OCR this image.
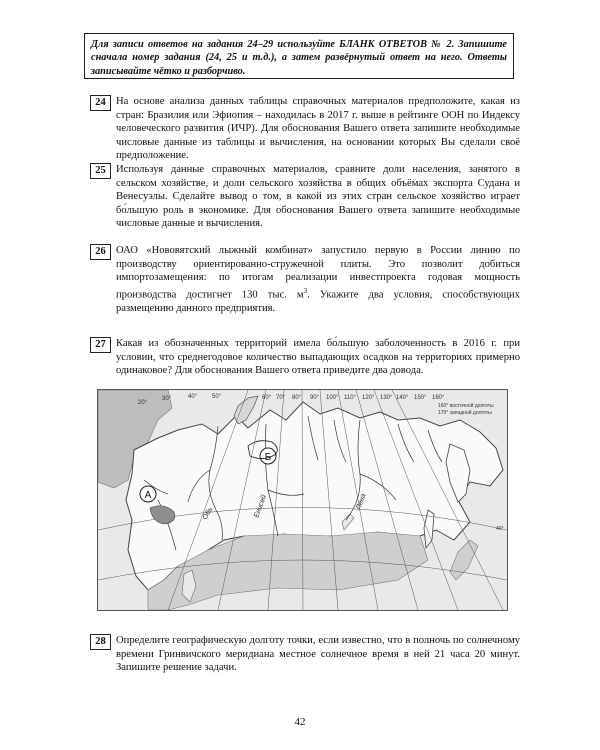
Для записи ответов на задания 24–29 используйте БЛАНК ОТВЕТОВ № 2. Запишите сначала номер задания (24, 25 и т.д.), а затем развёрнутый ответ на него. Ответы записывайте чётко и разборчиво.
24 На основе анализа данных таблицы справочных материалов предположите, какая из стран: Бразилия или Эфиопия – находилась в 2017 г. выше в рейтинге ООН по Индексу человеческого развития (ИЧР). Для обоснования Вашего ответа запишите необходимые числовые данные из таблицы и вычисления, на основании которых Вы сделали своё предположение.
25 Используя данные справочных материалов, сравните доли населения, занятого в сельском хозяйстве, и доли сельского хозяйства в общих объёмах экспорта Судана и Венесуэлы. Сделайте вывод о том, в какой из этих стран сельское хозяйство играет бо́льшую роль в экономике. Для обоснования Вашего ответа запишите необходимые числовые данные и вычисления.
26 ОАО «Нововятский лыжный комбинат» запустило первую в России линию по производству ориентированно-стружечной плиты. Это позволит добиться импортозамещения: по итогам реализации инвестпроекта годовая мощность производства достигнет 130 тыс. $м^3$. Укажите два условия, способствующих размещению данного предприятия.
27 Какая из обозначенных территорий имела бо́льшую заболоченность в 2016 г. при условии, что среднегодовое количество выпадающих осадков на территориях примерно одинаковое? Для обоснования Вашего ответа приведите два довода.
20°
30°	40° 50°	60° 70° 80° 90° 100° 110° 120° 130° 140° 150° 160°
160° восточной долготы
170° западной долготы
40°
А
Б
Обь	Енисей	Лена
28 Определите географическую долготу точки, если известно, что в полночь по солнечному времени Гринвичского меридиана местное солнечное время в ней 21 часа 20 минут. Запишите решение задачи.
42
